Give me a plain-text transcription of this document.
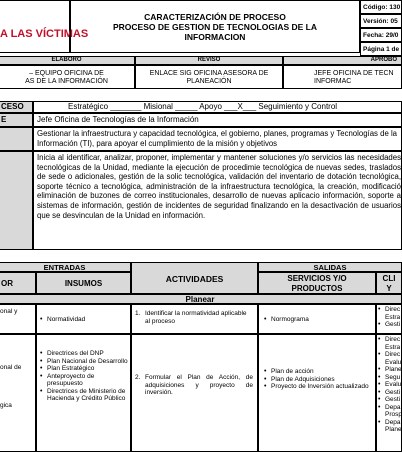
A LAS VÍCTIMAS
CARACTERIZACIÓN DE PROCESO
PROCESO DE GESTION DE TECNOLOGIAS DE LA
INFORMACION
Código: 130
Versión: 05
Fecha: 29/0
Página 1 de
ELABORO	REVISO	APROBO
– EQUIPO OFICINA DE
AS DE LA INFORMACIÓN
ENLACE SIG OFICINA ASESORA DE
PLANEACIÓN
JEFE OFICINA DE TECN
INFORMAC
CESO	Estratégico _______ Misional _____ Apoyo ___X___ Seguimiento y Control
E	Jefe Oficina de Tecnologías de la Información
Gestionar la infraestructura y capacidad tecnológica, el gobierno, planes, programas y Tecnologías de la Información (TI), para apoyar el cumplimiento de la misión y objetivos
Inicia al identificar, analizar, proponer, implementar y mantener soluciones y/o servicios las necesidades tecnológicas de la Unidad, mediante la ejecución de procedimie tecnológica de nuevas sedes, traslados de sede o adicionales, gestión de la solic tecnológica, validación del inventario de dotación tecnológica, soporte técnico a tecnológica, administración de la infraestructura tecnológica, la creación, modificació eliminación de buzones de correo institucionales, desarrollo de nuevas aplicacio información, soporte a sistemas de información, gestión de incidentes de seguridad finalizando en la desactivación de usuarios que se desvinculan de la Unidad en información.
ENTRADAS	SALIDAS
OR	INSUMOS	ACTIVIDADES	SERVICIOS Y/O PRODUCTOS
CLI
Y
Planear
onal y
• Normatividad
1. Identificar la normatividad aplicable al proceso
•	Normograma
• Direc Estra
• Gesti
onal de
gica
• Directrices del DNP
• Plan Nacional de Desarrollo
• Plan Estratégico
• Anteproyecto de presupuesto
• Directrices de Ministerio de Hacienda y Crédito Público
2. Formular el Plan de Acción, de adquisiciones y proyecto de inversión.
• Plan de acción
• Plan de Adquisiciones
• Proyecto de Inversión actualizado
• Direc Estra
• Direc Evalu
• Plane
• Segu
• Evalu
• Gesti
• Gesti
• Depa Prosp
• Depa Plane
